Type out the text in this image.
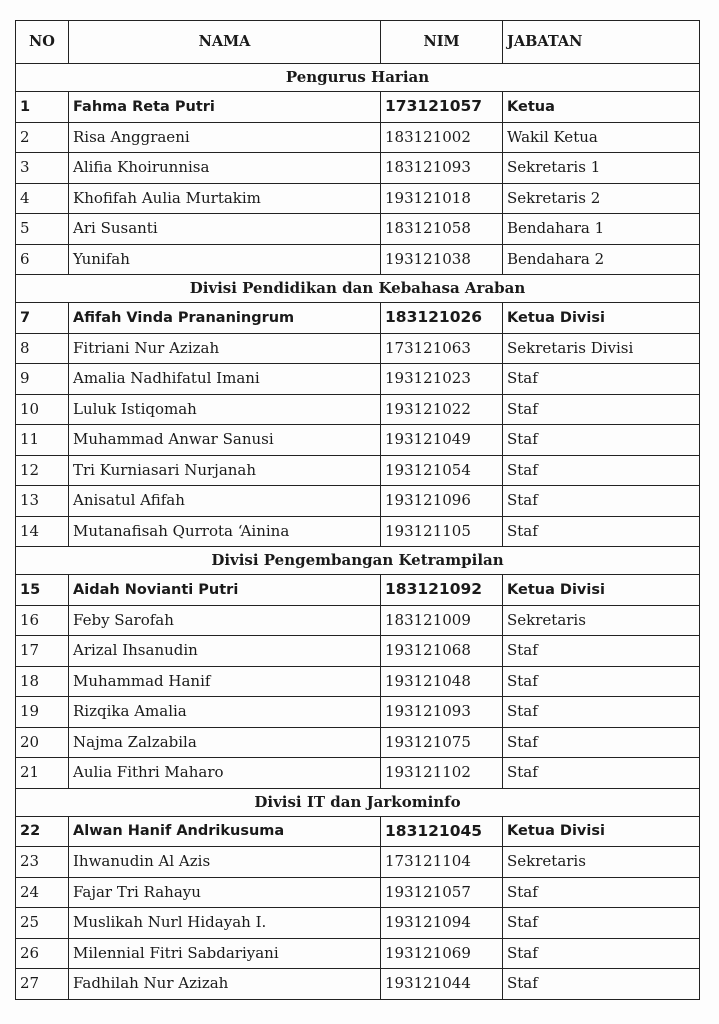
NO	NAMA	NIM	JABATAN
Pengurus Harian			
1	Fahma Reta Putri	173121057	Ketua
2	Risa Anggraeni	183121002	Wakil Ketua
3	Alifia Khoirunnisa	183121093	Sekretaris 1
4	Khofifah Aulia Murtakim	193121018	Sekretaris 2
5	Ari Susanti	183121058	Bendahara 1
6	Yunifah	193121038	Bendahara 2
Divisi Pendidikan dan Kebahasa Araban			
7	Afifah Vinda Prananingrum	183121026	Ketua Divisi
8	Fitriani Nur Azizah	173121063	Sekretaris Divisi
9	Amalia Nadhifatul Imani	193121023	Staf
10	Luluk Istiqomah	193121022	Staf
11	Muhammad Anwar Sanusi	193121049	Staf
12	Tri Kurniasari Nurjanah	193121054	Staf
13	Anisatul Afifah	193121096	Staf
14	Mutanafisah Qurrota ‘Ainina	193121105	Staf
Divisi Pengembangan Ketrampilan			
15	Aidah Novianti Putri	183121092	Ketua Divisi
16	Feby Sarofah	183121009	Sekretaris
17	Arizal Ihsanudin	193121068	Staf
18	Muhammad Hanif	193121048	Staf
19	Rizqika Amalia	193121093	Staf
20	Najma Zalzabila	193121075	Staf
21	Aulia Fithri Maharo	193121102	Staf
Divisi IT dan Jarkominfo			
22	Alwan Hanif Andrikusuma	183121045	Ketua Divisi
23	Ihwanudin Al Azis	173121104	Sekretaris
24	Fajar Tri Rahayu	193121057	Staf
25	Muslikah Nurl Hidayah I.	193121094	Staf
26	Milennial Fitri Sabdariyani	193121069	Staf
27	Fadhilah Nur Azizah	193121044	Staf
